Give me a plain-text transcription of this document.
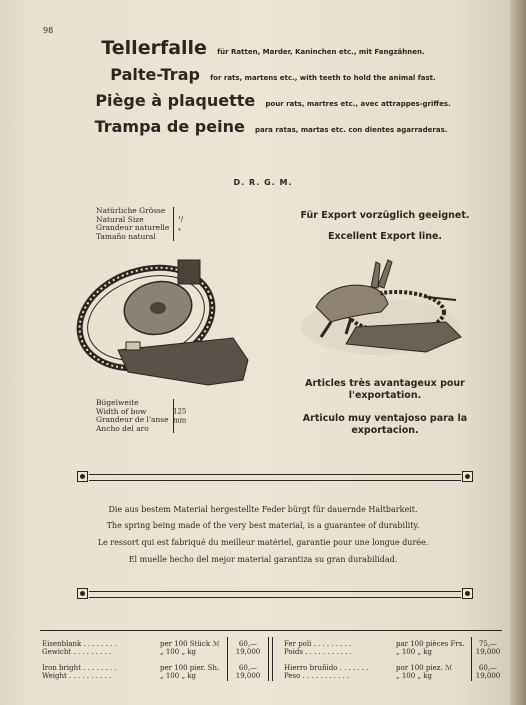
98
Tellerfalle für Ratten, Marder, Kaninchen etc., mit Fangzähnen.
Palte-Trap for rats, martens etc., with teeth to hold the animal fast.
Piège à plaquette pour rats, martres etc., avec attrappes-griffes.
Trampa de peine para ratas, martas etc. con dientes agarraderas.
D. R. G. M.
Natürliche Grösse
Natural Size
Grandeur naturelle
Tamaño natural
¹/₄
Bügelweite
Width of bow
Grandeur de l'anse
Ancho del aro
125 mm
Für Export vorzüglich geeignet.
Excellent Export line.
Articles très avantageux pour l'exportation.
Articulo muy ventajoso para la exportacion.
Die aus bestem Material hergestellte Feder bürgt für dauernde Haltbarkeit.
The spring being made of the very best material, is a guarantee of durability.
Le ressort qui est fabriqué du meilleur matériel, garantie pour une longue durée.
El muelle hecho del mejor material garantiza su gran durabilidad.
Eisenblank . . . . . . . .	per 100 Stück ℳ	60,—
Gewicht . . . . . . . . .	„ 100 „ kg	19,000
Iron bright . . . . . . . .	per 100 pier. Sh.	60,—
Weight . . . . . . . . . .	„ 100 „ kg	19,000
Fer poli . . . . . . . . .	par 100 pièces Frs.	75,—
Poids . . . . . . . . . . .	„ 100 „ kg	19,000
Hierro bruñido . . . . . . .	por 100 piez. ℳ	60,—
Peso . . . . . . . . . . .	„ 100 „ kg	19,000
